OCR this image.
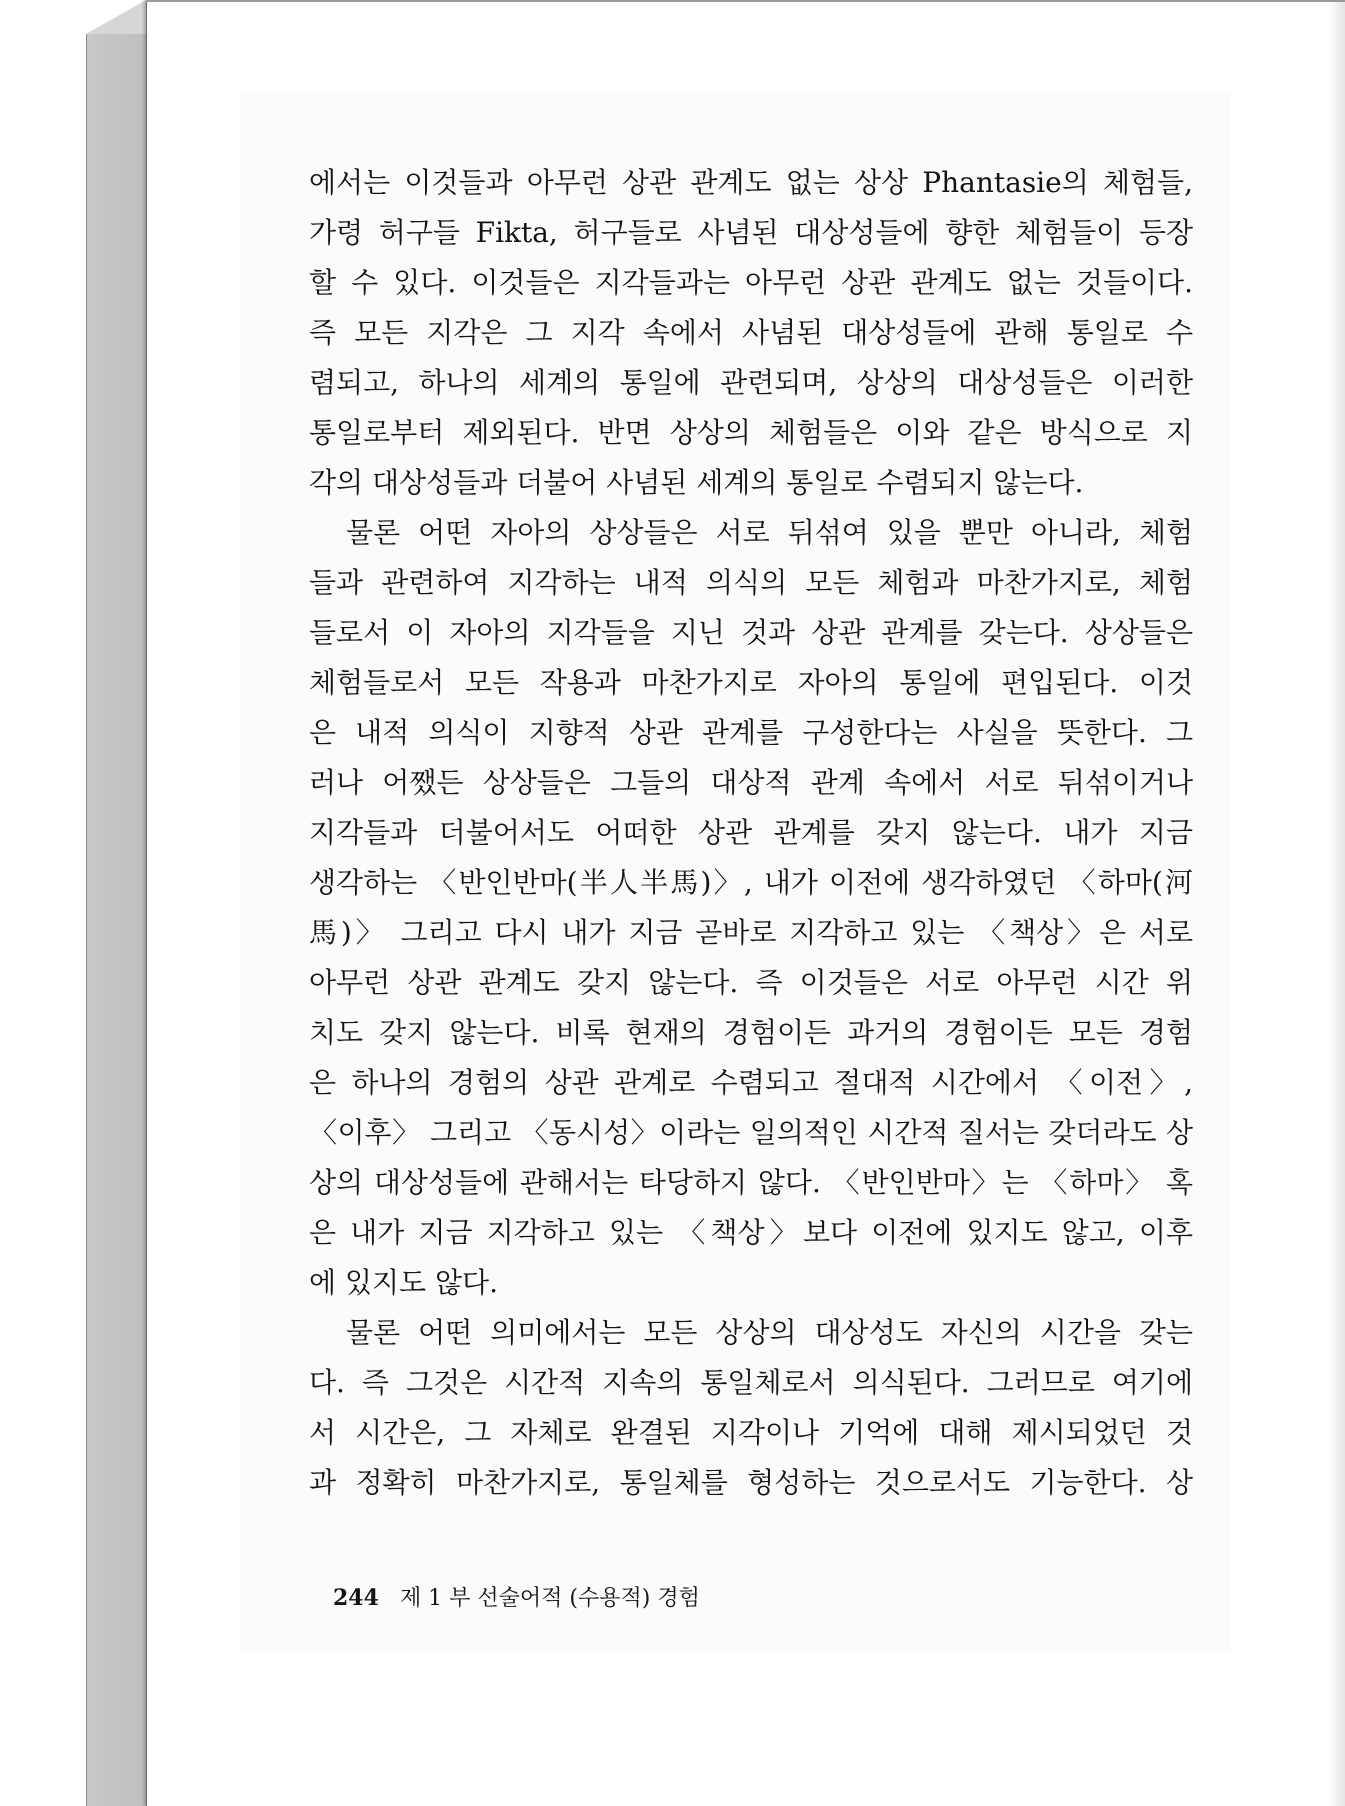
에서는 이것들과 아무런 상관 관계도 없는 상상 Phantasie의 체험들,
가령 허구들 Fikta, 허구들로 사념된 대상성들에 향한 체험들이 등장
할 수 있다. 이것들은 지각들과는 아무런 상관 관계도 없는 것들이다.
즉 모든 지각은 그 지각 속에서 사념된 대상성들에 관해 통일로 수
렴되고, 하나의 세계의 통일에 관련되며, 상상의 대상성들은 이러한
통일로부터 제외된다. 반면 상상의 체험들은 이와 같은 방식으로 지
각의 대상성들과 더불어 사념된 세계의 통일로 수렴되지 않는다.
　물론 어떤 자아의 상상들은 서로 뒤섞여 있을 뿐만 아니라, 체험
들과 관련하여 지각하는 내적 의식의 모든 체험과 마찬가지로, 체험
들로서 이 자아의 지각들을 지닌 것과 상관 관계를 갖는다. 상상들은
체험들로서 모든 작용과 마찬가지로 자아의 통일에 편입된다. 이것
은 내적 의식이 지향적 상관 관계를 구성한다는 사실을 뜻한다. 그
러나 어쨌든 상상들은 그들의 대상적 관계 속에서 서로 뒤섞이거나
지각들과 더불어서도 어떠한 상관 관계를 갖지 않는다. 내가 지금
생각하는 〈반인반마(半人半馬)〉, 내가 이전에 생각하였던 〈하마(河
馬)〉 그리고 다시 내가 지금 곧바로 지각하고 있는 〈책상〉은 서로
아무런 상관 관계도 갖지 않는다. 즉 이것들은 서로 아무런 시간 위
치도 갖지 않는다. 비록 현재의 경험이든 과거의 경험이든 모든 경험
은 하나의 경험의 상관 관계로 수렴되고 절대적 시간에서 〈이전〉,
〈이후〉 그리고 〈동시성〉이라는 일의적인 시간적 질서는 갖더라도 상
상의 대상성들에 관해서는 타당하지 않다. 〈반인반마〉는 〈하마〉 혹
은 내가 지금 지각하고 있는 〈책상〉보다 이전에 있지도 않고, 이후
에 있지도 않다.
　물론 어떤 의미에서는 모든 상상의 대상성도 자신의 시간을 갖는
다. 즉 그것은 시간적 지속의 통일체로서 의식된다. 그러므로 여기에
서 시간은, 그 자체로 완결된 지각이나 기억에 대해 제시되었던 것
과 정확히 마찬가지로, 통일체를 형성하는 것으로서도 기능한다. 상
244 제 1 부 선술어적 (수용적) 경험
